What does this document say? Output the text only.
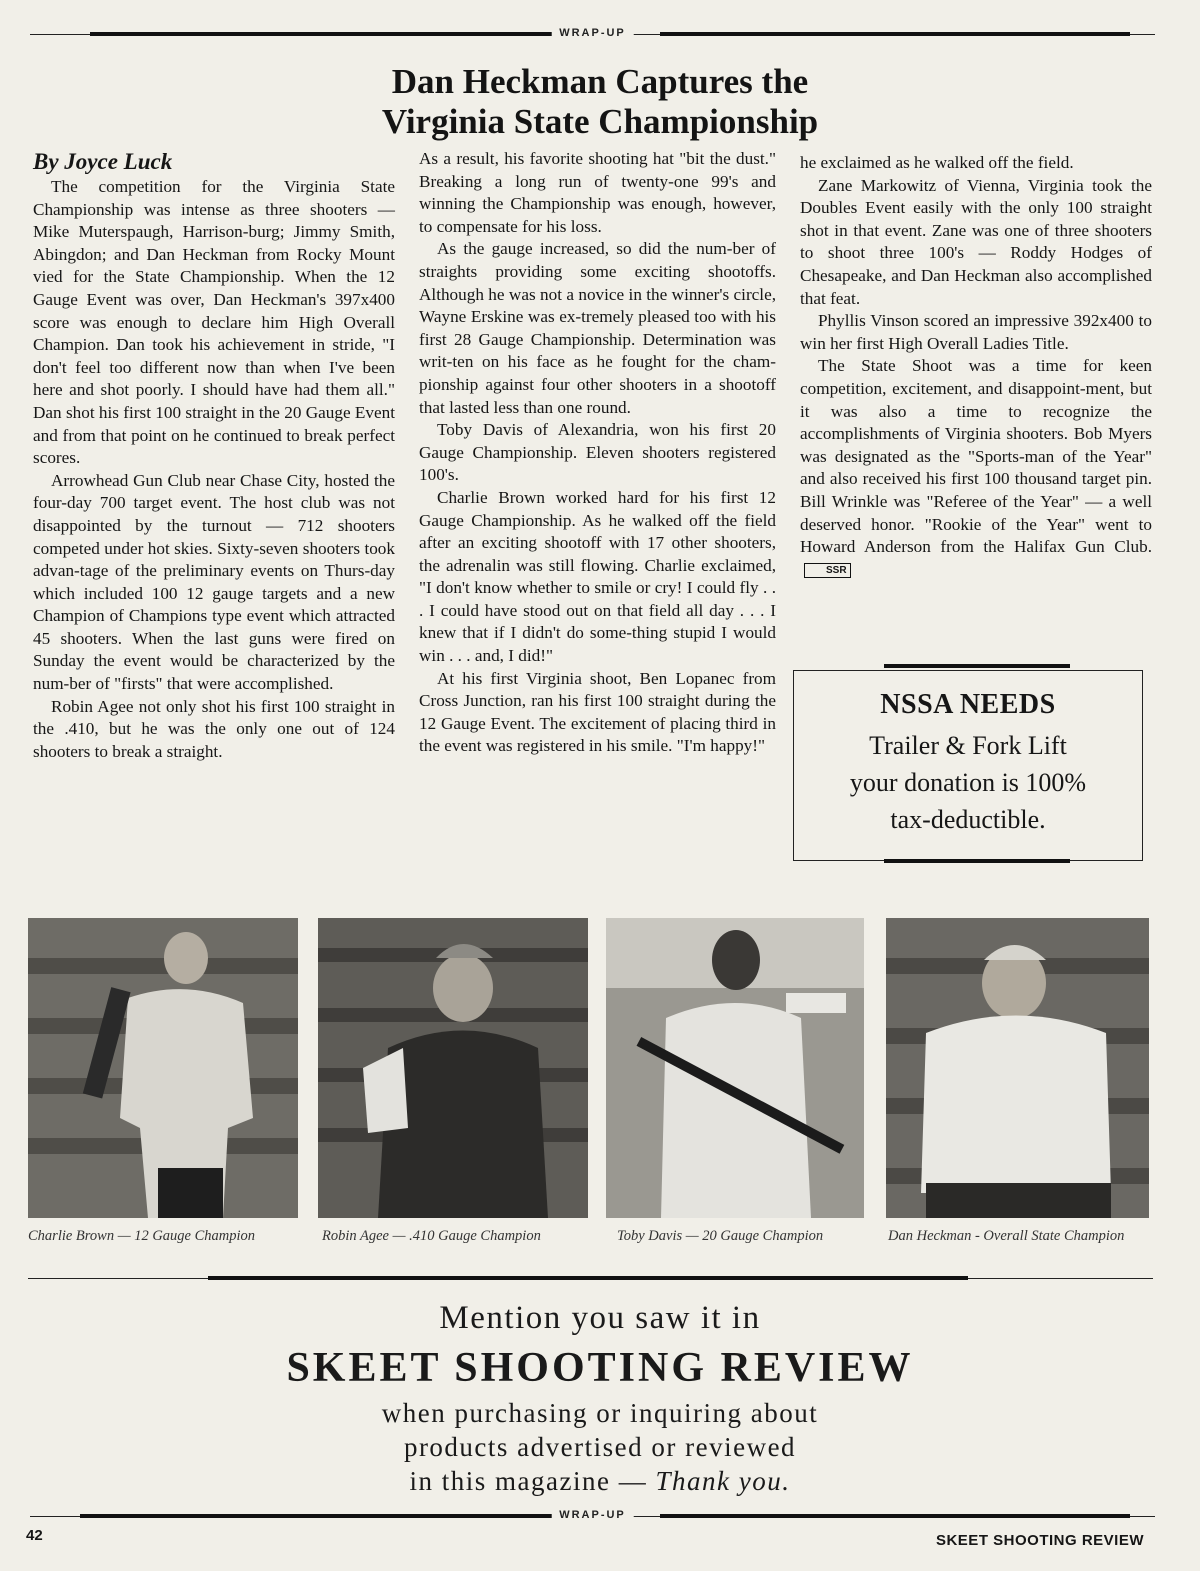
WRAP-UP
Dan Heckman Captures the
Virginia State Championship

By Joyce Luck

The competition for the Virginia State Championship was intense as three shooters — Mike Muterspaugh, Harrison-burg; Jimmy Smith, Abingdon; and Dan Heckman from Rocky Mount vied for the State Championship. When the 12 Gauge Event was over, Dan Heckman's 397x400 score was enough to declare him High Overall Champion. Dan took his achievement in stride, "I don't feel too different now than when I've been here and shot poorly. I should have had them all." Dan shot his first 100 straight in the 20 Gauge Event and from that point on he continued to break perfect scores.

Arrowhead Gun Club near Chase City, hosted the four-day 700 target event. The host club was not disappointed by the turnout — 712 shooters competed under hot skies. Sixty-seven shooters took advan-tage of the preliminary events on Thurs-day which included 100 12 gauge targets and a new Champion of Champions type event which attracted 45 shooters. When the last guns were fired on Sunday the event would be characterized by the num-ber of "firsts" that were accomplished.

Robin Agee not only shot his first 100 straight in the .410, but he was the only one out of 124 shooters to break a straight.

As a result, his favorite shooting hat "bit the dust." Breaking a long run of twenty-one 99's and winning the Championship was enough, however, to compensate for his loss.

As the gauge increased, so did the num-ber of straights providing some exciting shootoffs. Although he was not a novice in the winner's circle, Wayne Erskine was ex-tremely pleased too with his first 28 Gauge Championship. Determination was writ-ten on his face as he fought for the cham-pionship against four other shooters in a shootoff that lasted less than one round.

Toby Davis of Alexandria, won his first 20 Gauge Championship. Eleven shooters registered 100's.

Charlie Brown worked hard for his first 12 Gauge Championship. As he walked off the field after an exciting shootoff with 17 other shooters, the adrenalin was still flowing. Charlie exclaimed, "I don't know whether to smile or cry! I could fly . . . I could have stood out on that field all day . . . I knew that if I didn't do some-thing stupid I would win . . . and, I did!"

At his first Virginia shoot, Ben Lopanec from Cross Junction, ran his first 100 straight during the 12 Gauge Event. The excitement of placing third in the event was registered in his smile. "I'm happy!"

he exclaimed as he walked off the field.

Zane Markowitz of Vienna, Virginia took the Doubles Event easily with the only 100 straight shot in that event. Zane was one of three shooters to shoot three 100's — Roddy Hodges of Chesapeake, and Dan Heckman also accomplished that feat.

Phyllis Vinson scored an impressive 392x400 to win her first High Overall Ladies Title.

The State Shoot was a time for keen competition, excitement, and disappoint-ment, but it was also a time to recognize the accomplishments of Virginia shooters. Bob Myers was designated as the "Sports-man of the Year" and also received his first 100 thousand target pin. Bill Wrinkle was "Referee of the Year" — a well deserved honor. "Rookie of the Year" went to Howard Anderson from the Halifax Gun Club.SSR

NSSA NEEDS
Trailer & Fork Lift
your donation is 100%
tax-deductible.
Charlie Brown — 12 Gauge Champion	Robin Agee — .410 Gauge Champion	Toby Davis — 20 Gauge Champion	Dan Heckman - Overall State Champion
Mention you saw it in
SKEET SHOOTING REVIEW
when purchasing or inquiring about
products advertised or reviewed
in this magazine — Thank you.
WRAP-UP
42	SKEET SHOOTING REVIEW
